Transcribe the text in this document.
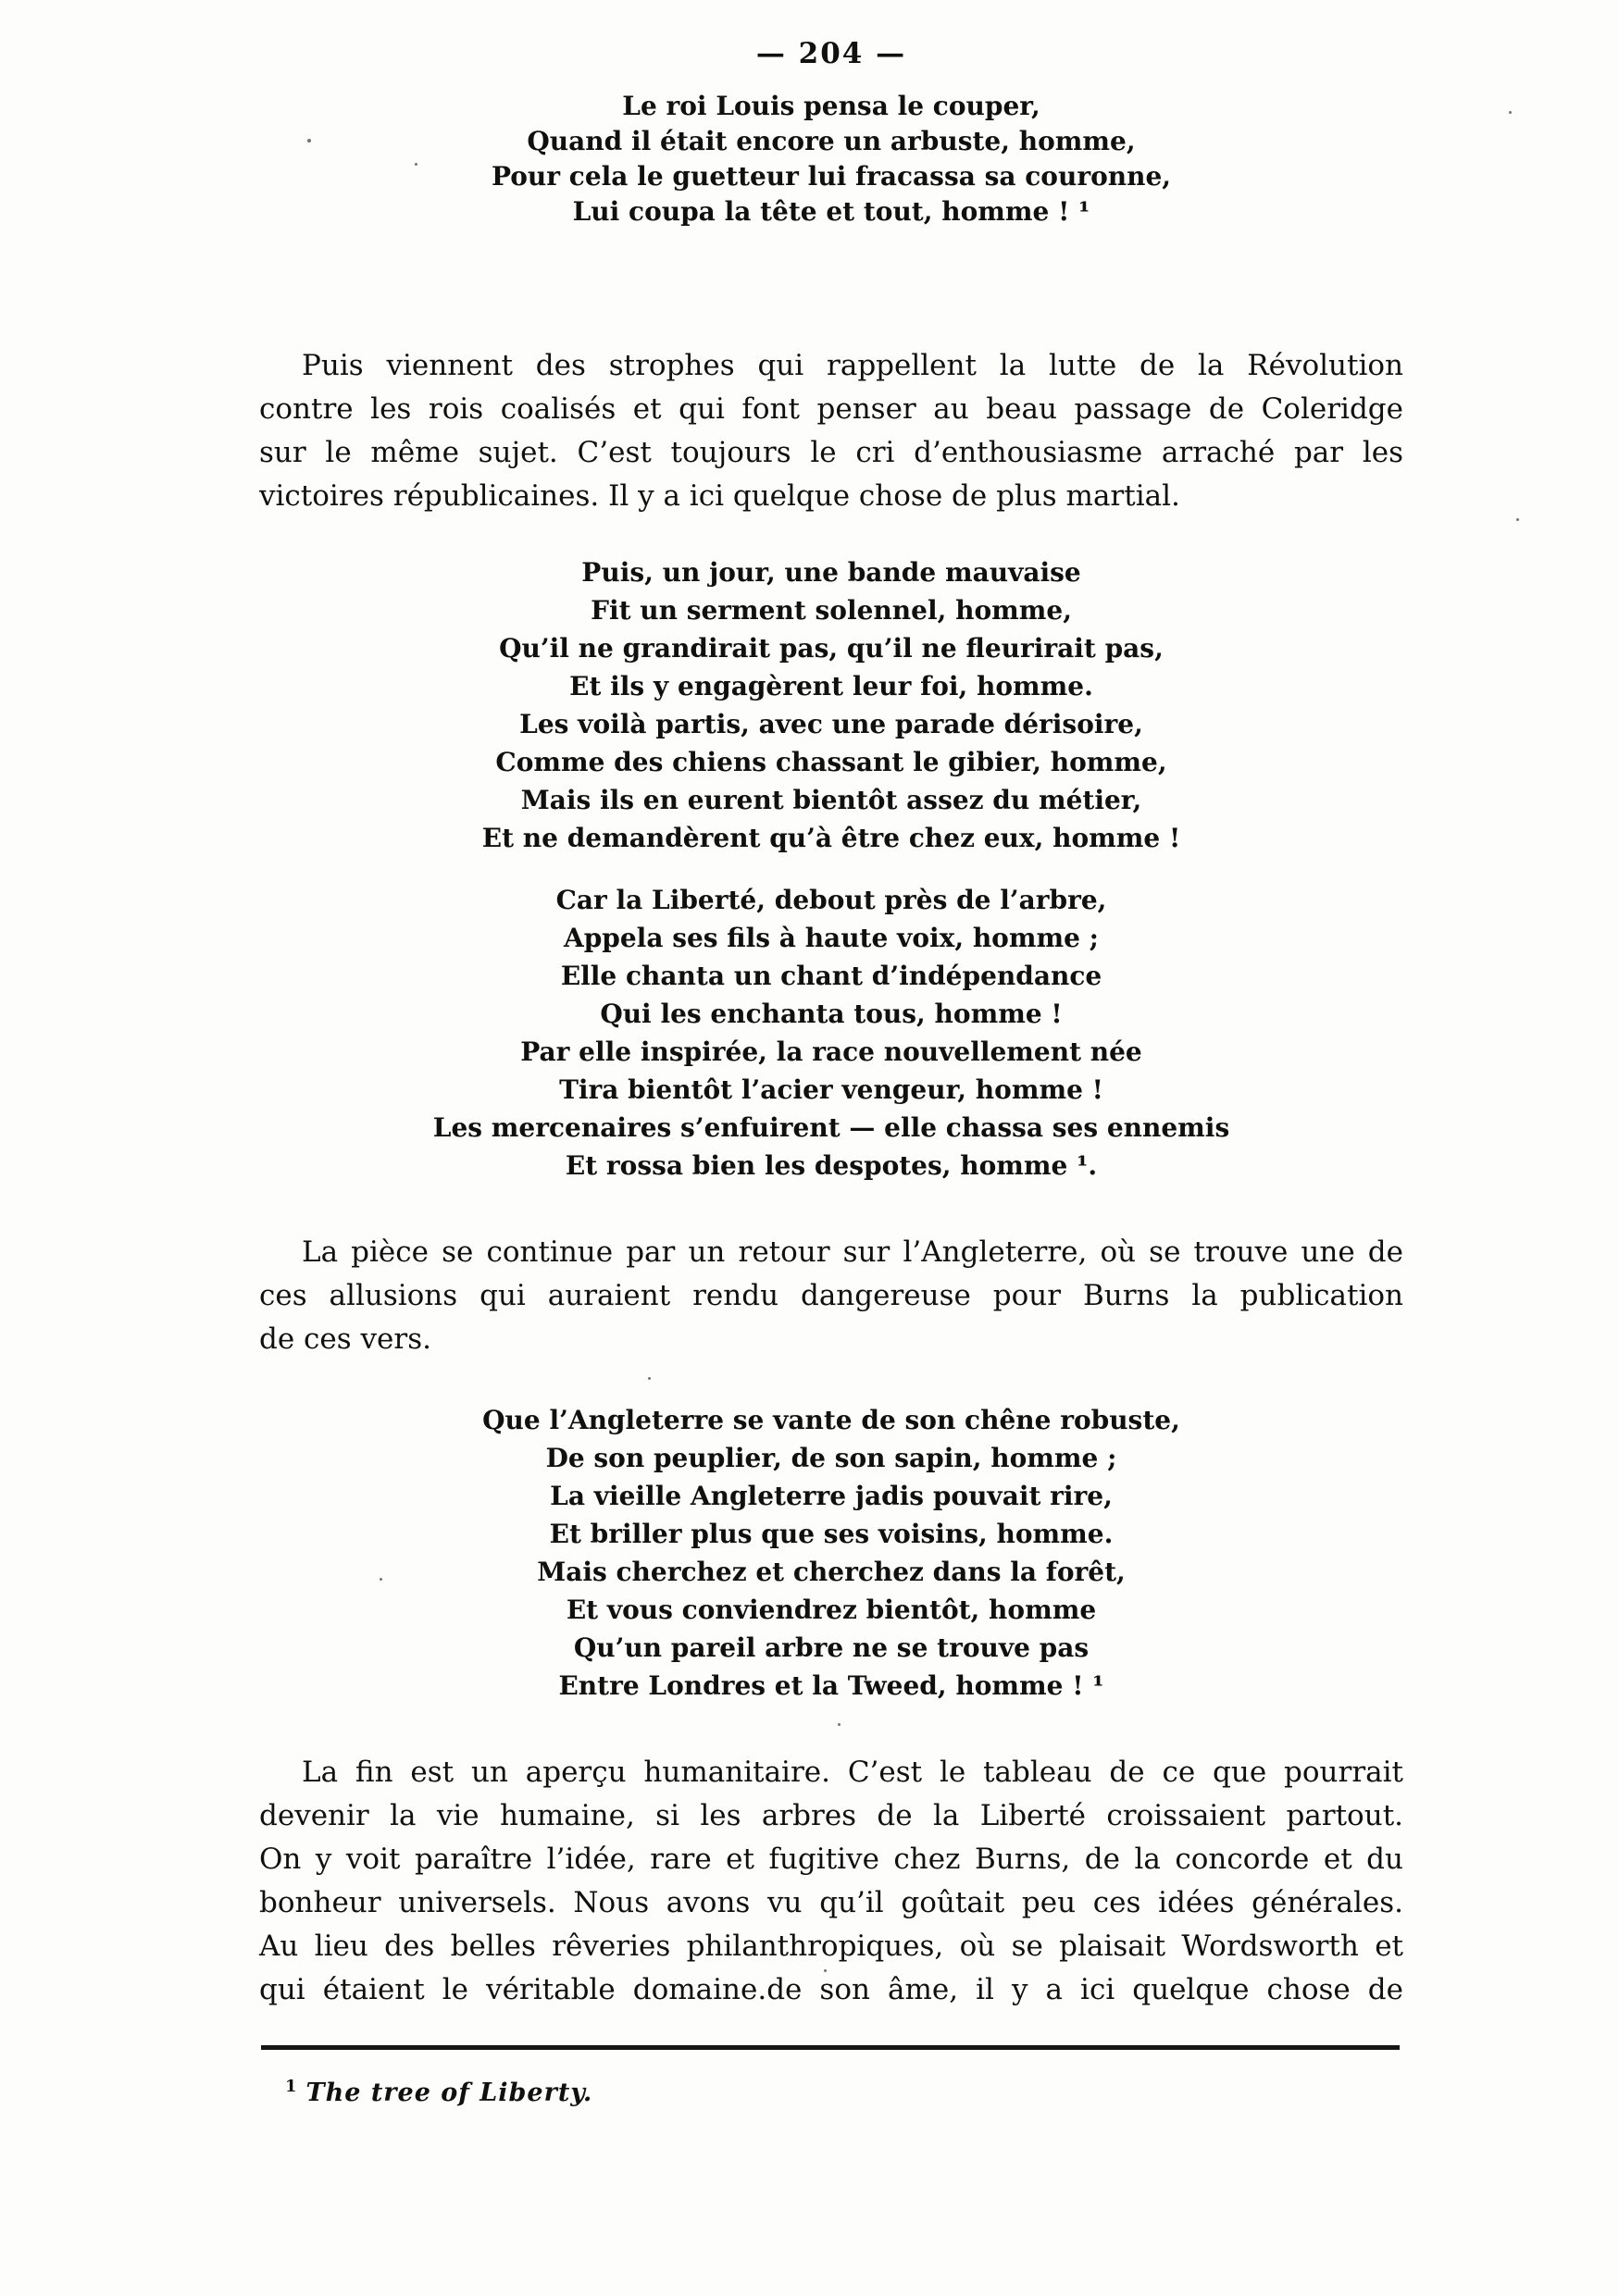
— 204 —
Le roi Louis pensa le couper,
Quand il était encore un arbuste, homme,
Pour cela le guetteur lui fracassa sa couronne,
Lui coupa la tête et tout, homme ! ¹
Puis viennent des strophes qui rappellent la lutte de la Révolution
contre les rois coalisés et qui font penser au beau passage de Coleridge
sur le même sujet. C’est toujours le cri d’enthousiasme arraché par les
victoires républicaines. Il y a ici quelque chose de plus martial.
Puis, un jour, une bande mauvaise
Fit un serment solennel, homme,
Qu’il ne grandirait pas, qu’il ne fleurirait pas,
Et ils y engagèrent leur foi, homme.
Les voilà partis, avec une parade dérisoire,
Comme des chiens chassant le gibier, homme,
Mais ils en eurent bientôt assez du métier,
Et ne demandèrent qu’à être chez eux, homme !
Car la Liberté, debout près de l’arbre,
Appela ses fils à haute voix, homme ;
Elle chanta un chant d’indépendance
Qui les enchanta tous, homme !
Par elle inspirée, la race nouvellement née
Tira bientôt l’acier vengeur, homme !
Les mercenaires s’enfuirent — elle chassa ses ennemis
Et rossa bien les despotes, homme ¹.
La pièce se continue par un retour sur l’Angleterre, où se trouve une de
ces allusions qui auraient rendu dangereuse pour Burns la publication
de ces vers.
Que l’Angleterre se vante de son chêne robuste,
De son peuplier, de son sapin, homme ;
La vieille Angleterre jadis pouvait rire,
Et briller plus que ses voisins, homme.
Mais cherchez et cherchez dans la forêt,
Et vous conviendrez bientôt, homme
Qu’un pareil arbre ne se trouve pas
Entre Londres et la Tweed, homme ! ¹
La fin est un aperçu humanitaire. C’est le tableau de ce que pourrait
devenir la vie humaine, si les arbres de la Liberté croissaient partout.
On y voit paraître l’idée, rare et fugitive chez Burns, de la concorde et du
bonheur universels. Nous avons vu qu’il goûtait peu ces idées générales.
Au lieu des belles rêveries philanthropiques, où se plaisait Wordsworth et
qui étaient le véritable domaine.de son âme, il y a ici quelque chose de
$^1$ The tree of Liberty.
